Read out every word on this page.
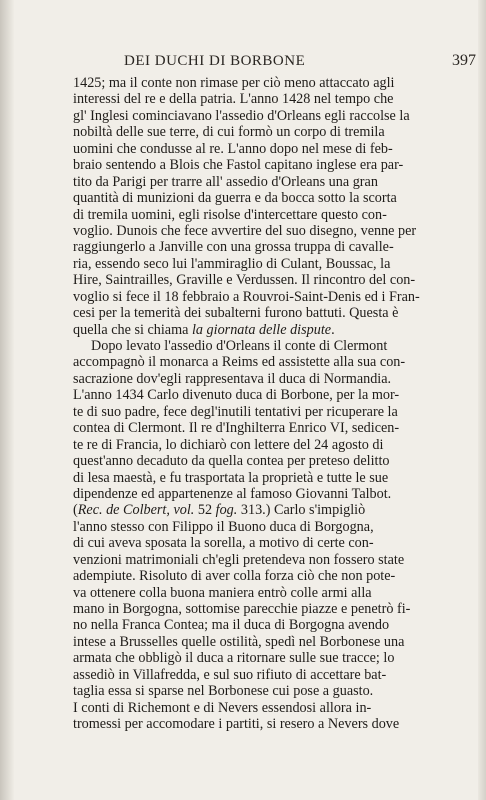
DEI DUCHI DI BORBONE	397
1425; ma il conte non rimase per ciò meno attaccato agli
interessi del re e della patria. L'anno 1428 nel tempo che
gl' Inglesi cominciavano l'assedio d'Orleans egli raccolse la
nobiltà delle sue terre, di cui formò un corpo di tremila
uomini che condusse al re. L'anno dopo nel mese di feb-
braio sentendo a Blois che Fastol capitano inglese era par-
tito da Parigi per trarre all' assedio d'Orleans una gran
quantità di munizioni da guerra e da bocca sotto la scorta
di tremila uomini, egli risolse d'intercettare questo con-
voglio. Dunois che fece avvertire del suo disegno, venne per
raggiungerlo a Janville con una grossa truppa di cavalle-
ria, essendo seco lui l'ammiraglio di Culant, Boussac, la
Hire, Saintrailles, Graville e Verdussen. Il rincontro del con-
voglio si fece il 18 febbraio a Rouvroi-Saint-Denis ed i Fran-
cesi per la temerità dei subalterni furono battuti. Questa è
quella che si chiama la giornata delle dispute.
Dopo levato l'assedio d'Orleans il conte di Clermont
accompagnò il monarca a Reims ed assistette alla sua con-
sacrazione dov'egli rappresentava il duca di Normandia.
L'anno 1434 Carlo divenuto duca di Borbone, per la mor-
te di suo padre, fece degl'inutili tentativi per ricuperare la
contea di Clermont. Il re d'Inghilterra Enrico VI, sedicen-
te re di Francia, lo dichiarò con lettere del 24 agosto di
quest'anno decaduto da quella contea per preteso delitto
di lesa maestà, e fu trasportata la proprietà e tutte le sue
dipendenze ed appartenenze al famoso Giovanni Talbot.
(Rec. de Colbert, vol. 52 fog. 313.) Carlo s'impigliò
l'anno stesso con Filippo il Buono duca di Borgogna,
di cui aveva sposata la sorella, a motivo di certe con-
venzioni matrimoniali ch'egli pretendeva non fossero state
adempiute. Risoluto di aver colla forza ciò che non pote-
va ottenere colla buona maniera entrò colle armi alla
mano in Borgogna, sottomise parecchie piazze e penetrò fi-
no nella Franca Contea; ma il duca di Borgogna avendo
intese a Brusselles quelle ostilità, spedì nel Borbonese una
armata che obbligò il duca a ritornare sulle sue tracce; lo
assediò in Villafredda, e sul suo rifiuto di accettare bat-
taglia essa si sparse nel Borbonese cui pose a guasto.
I conti di Richemont e di Nevers essendosi allora in-
tromessi per accomodare i partiti, si resero a Nevers dove
